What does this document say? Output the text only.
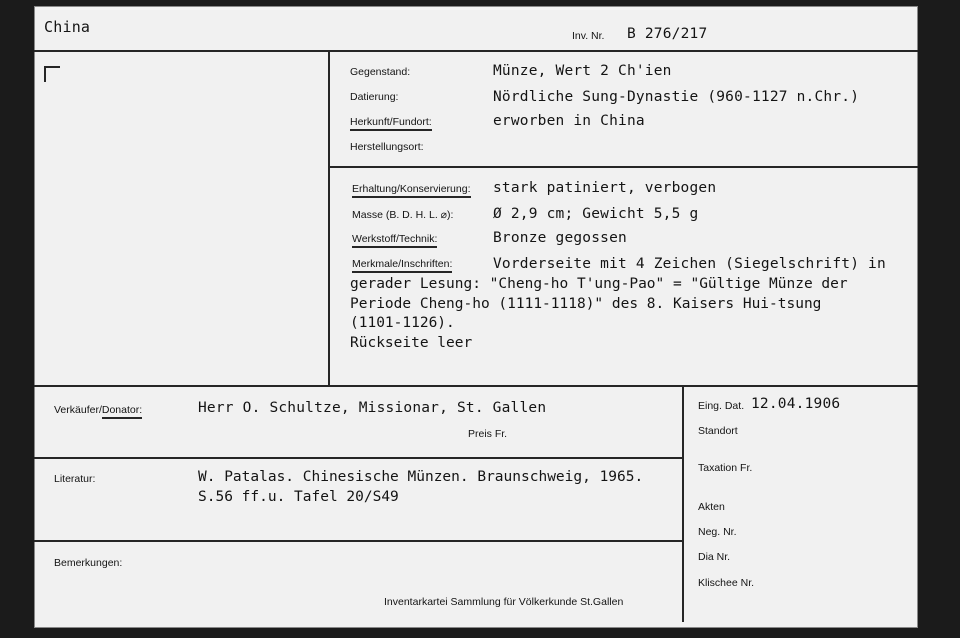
China	Inv. Nr. B 276/217
Gegenstand:	Münze, Wert 2 Ch'ien
Datierung:	Nördliche Sung-Dynastie (960-1127 n.Chr.)
Herkunft/Fundort:	erworben in China
Herstellungsort:
Erhaltung/Konservierung: stark patiniert, verbogen
Masse (B. D. H. L. ⌀):	Ø 2,9 cm; Gewicht 5,5 g
Werkstoff/Technik:	Bronze gegossen
Merkmale/Inschriften:	Vorderseite mit 4 Zeichen (Siegelschrift) in
gerader Lesung: "Cheng-ho T'ung-Pao" = "Gültige Münze der
Periode Cheng-ho (1111-1118)" des 8. Kaisers Hui-tsung
(1101-1126).
Rückseite leer
Verkäufer/Donator:	Herr O. Schultze, Missionar, St. Gallen
Preis Fr.
Eing. Dat. 12.04.1906
Standort
Literatur:	W. Patalas. Chinesische Münzen. Braunschweig, 1965.
S.56 ff.u. Tafel 20/S49
Taxation Fr.
Akten
Neg. Nr.
Dia Nr.
Klischee Nr.
Bemerkungen:
Inventarkartei Sammlung für Völkerkunde St.Gallen
